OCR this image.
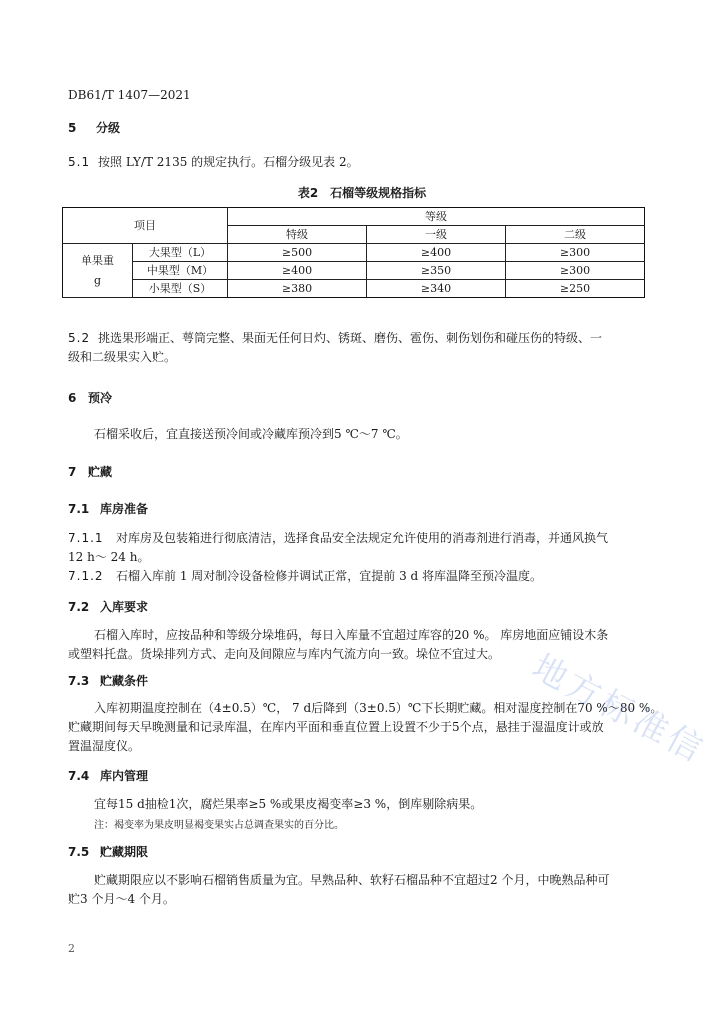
DB61/T 1407—2021
5 分级
5.1 按照 LY/T 2135 的规定执行。石榴分级见表 2。
表2　石榴等级规格指标
项目		等级		
		特级	一级	二级
单果重
g	大果型（L）	≥500	≥400	≥300
	中果型（M）	≥400	≥350	≥300
	小果型（S）	≥380	≥340	≥250
5.2 挑选果形端正、萼筒完整、果面无任何日灼、锈斑、磨伤、雹伤、刺伤划伤和碰压伤的特级、一
级和二级果实入贮。
6 预冷
石榴采收后，宜直接送预冷间或冷藏库预冷到5 ℃～7 ℃。
7 贮藏
7.1 库房准备
7.1.1 对库房及包装箱进行彻底清洁，选择食品安全法规定允许使用的消毒剂进行消毒，并通风换气
12 h～ 24 h。
7.1.2 石榴入库前 1 周对制冷设备检修并调试正常，宜提前 3 d 将库温降至预冷温度。
7.2 入库要求
石榴入库时，应按品种和等级分垛堆码，每日入库量不宜超过库容的20 %。 库房地面应铺设木条
或塑料托盘。货垛排列方式、走向及间隙应与库内气流方向一致。垛位不宜过大。
7.3 贮藏条件
入库初期温度控制在（4±0.5）℃， 7 d后降到（3±0.5）℃下长期贮藏。相对湿度控制在70 %～80 %。
贮藏期间每天早晚测量和记录库温，在库内平面和垂直位置上设置不少于5个点，悬挂于湿温度计或放
置温湿度仪。
7.4 库内管理
宜每15 d抽检1次，腐烂果率≥5 %或果皮褐变率≥3 %，倒库剔除病果。
注：褐变率为果皮明显褐变果实占总调查果实的百分比。
7.5 贮藏期限
贮藏期限应以不影响石榴销售质量为宜。早熟品种、软籽石榴品种不宜超过2 个月，中晚熟品种可
贮3 个月～4 个月。
2
地方标准信
